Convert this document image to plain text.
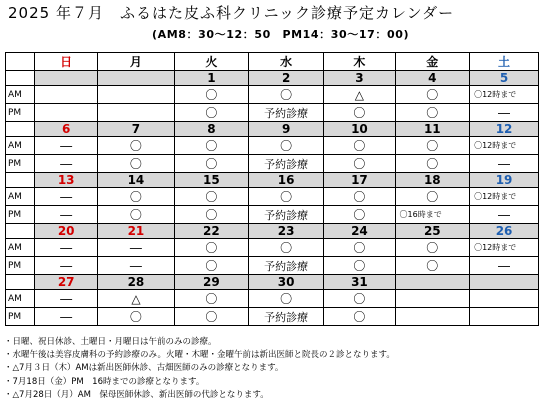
2025 年７月　ふるはた皮ふ科クリニック診療予定カレンダー
(AM8：30〜12：50　PM14：30〜17：00)
	日	月	火	水	木	金	土
			1	2	3	4	5
AM			〇	〇	△	〇	〇12時まで
PM			〇	予約診療	〇	〇	―
	6	7	8	9	10	11	12
AM	―	〇	〇	〇	〇	〇	〇12時まで
PM	―	〇	〇	予約診療	〇	〇	―
	13	14	15	16	17	18	19
AM	―	〇	〇	〇	〇	〇	〇12時まで
PM	―	〇	〇	予約診療	〇	〇16時まで	―
	20	21	22	23	24	25	26
AM	―	―	〇	〇	〇	〇	〇12時まで
PM	―	―	〇	予約診療	〇	〇	―
	27	28	29	30	31		
AM	―	△	〇	〇	〇		
PM	―	〇	〇	予約診療	〇		
・日曜、祝日休診、土曜日・月曜日は午前のみの診療。
・水曜午後は美容皮膚科の予約診療のみ。火曜・木曜・金曜午前は新出医師と院長の２診となります。
・△7月３日（木）AMは新出医師休診、古畑医師のみの診療となります。
・7月18日（金）PM　16時までの診療となります。
・△7月28日（月）AM　保母医師休診、新出医師の代診となります。
